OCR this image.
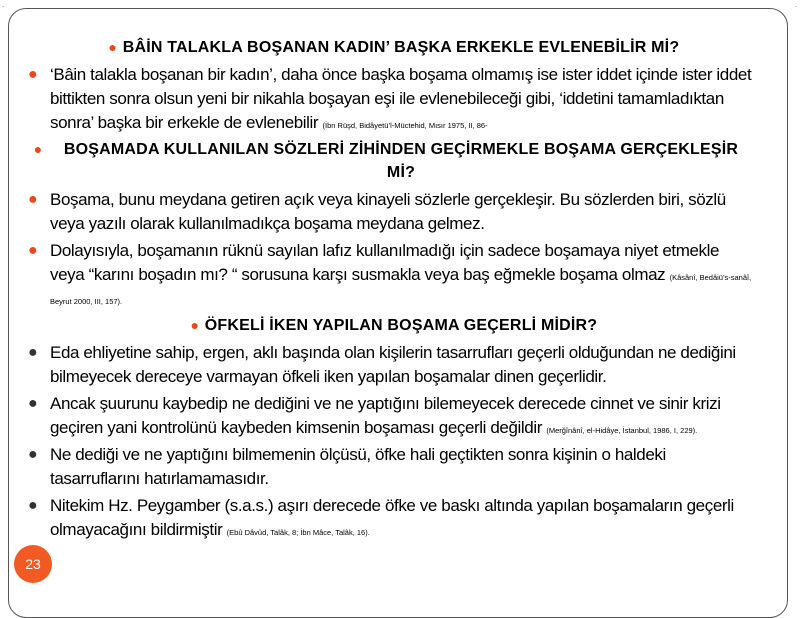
.	.
● BÂİN TALAKLA BOŞANAN KADIN’ BAŞKA ERKEKLE EVLENEBİLİR Mİ?
● ‘Bâin talakla boşanan bir kadın’, daha önce başka boşama olmamış ise ister iddet içinde ister iddet bittikten sonra olsun yeni bir nikahla boşayan eşi ile evlenebileceği gibi, ‘iddetini tamamladıktan sonra’ başka bir erkekle de evlenebilir (İbn Rüşd, Bidâyetü’l-Müctehid, Mısır 1975, II, 86-
●	BOŞAMADA KULLANILAN SÖZLERİ ZİHİNDEN GEÇİRMEKLE BOŞAMA GERÇEKLEŞİR Mİ?
● Boşama, bunu meydana getiren açık veya kinayeli sözlerle gerçekleşir. Bu sözlerden biri, sözlü veya yazılı olarak kullanılmadıkça boşama meydana gelmez.
● Dolayısıyla, boşamanın rüknü sayılan lafız kullanılmadığı için sadece boşamaya niyet etmekle veya “karını boşadın mı? “ sorusuna karşı susmakla veya baş eğmekle boşama olmaz (Kâsânî, Bedâiü’s-sanâî, Beyrut 2000, III, 157).
● ÖFKELİ İKEN YAPILAN BOŞAMA GEÇERLİ MİDİR?
● Eda ehliyetine sahip, ergen, aklı başında olan kişilerin tasarrufları geçerli olduğundan ne dediğini bilmeyecek dereceye varmayan öfkeli iken yapılan boşamalar dinen geçerlidir.
● Ancak şuurunu kaybedip ne dediğini ve ne yaptığını bilemeyecek derecede cinnet ve sinir krizi geçiren yani kontrolünü kaybeden kimsenin boşaması geçerli değildir (Merğînânî, el-Hidâye, İstanbul, 1986, I, 229).
● Ne dediği ve ne yaptığını bilmemenin ölçüsü, öfke hali geçtikten sonra kişinin o haldeki tasarruflarını hatırlamamasıdır.
● Nitekim Hz. Peygamber (s.a.s.) aşırı derecede öfke ve baskı altında yapılan boşamaların geçerli olmayacağını bildirmiştir (Ebû Dâvûd, Talâk, 8; İbn Mâce, Talâk, 16).
23
